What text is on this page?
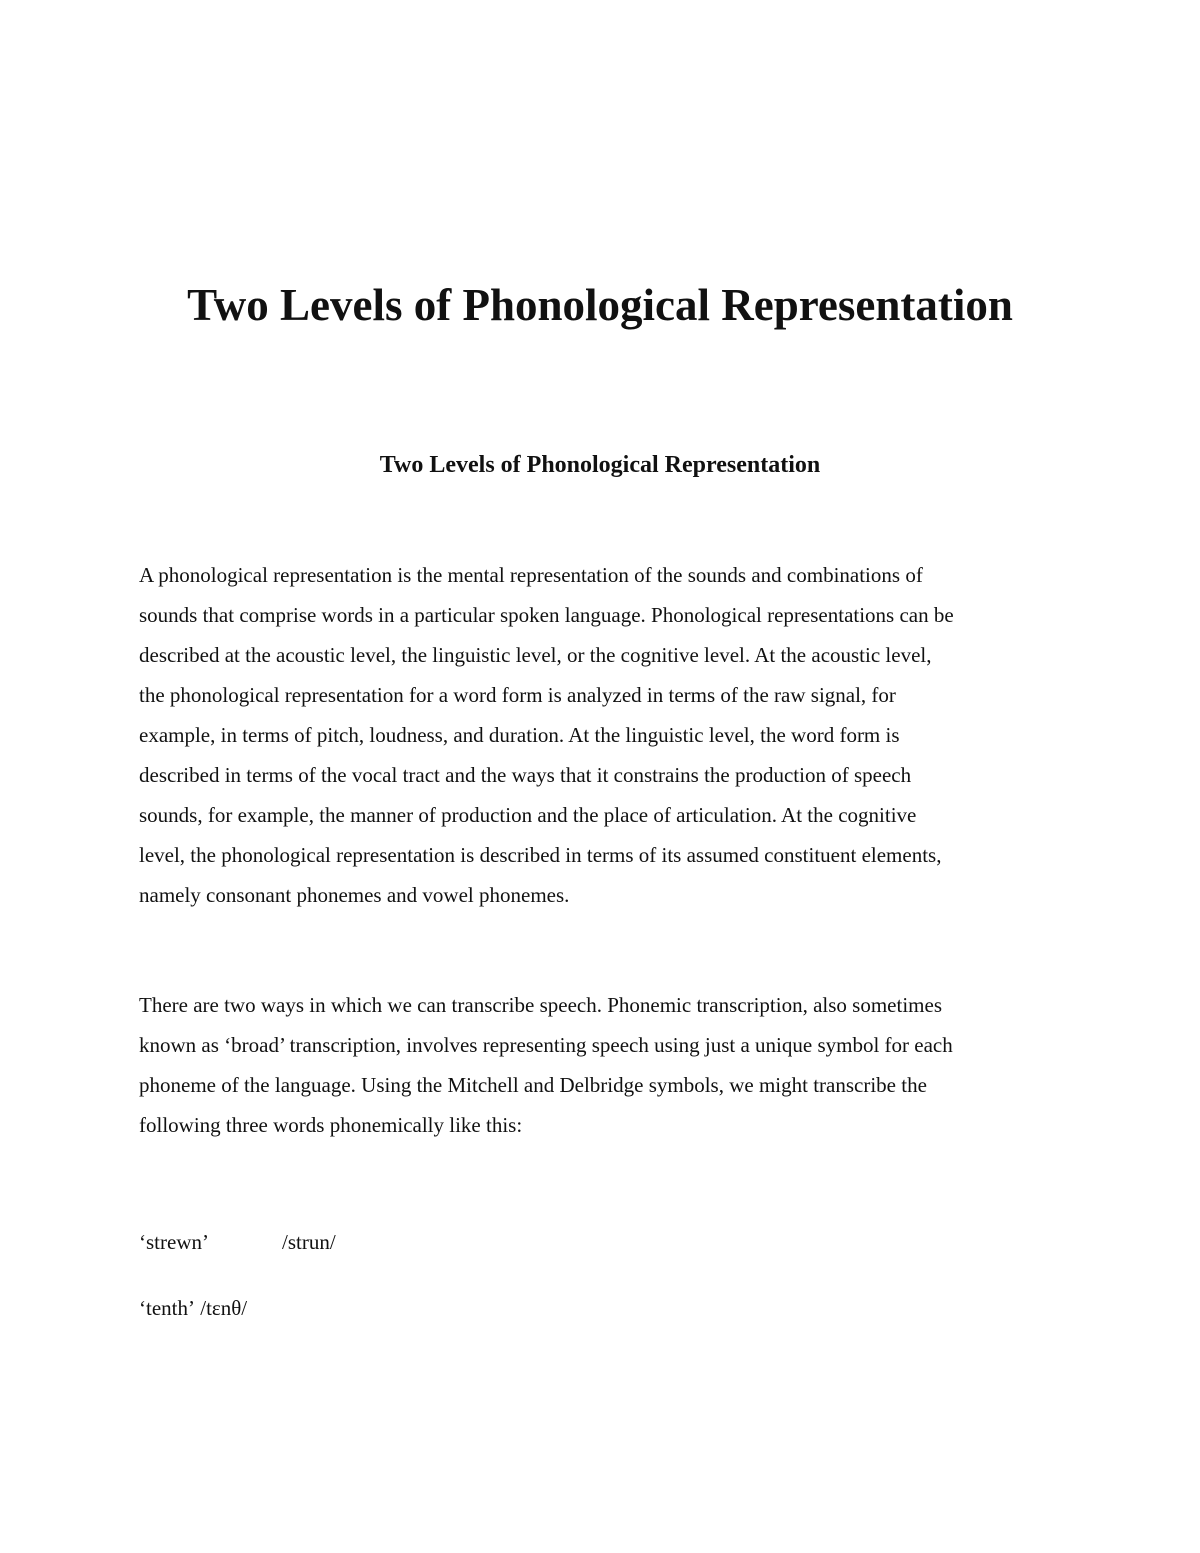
Two Levels of Phonological Representation
Two Levels of Phonological Representation

A phonological representation is the mental representation of the sounds and combinations of
sounds that comprise words in a particular spoken language. Phonological representations can be
described at the acoustic level, the linguistic level, or the cognitive level. At the acoustic level,
the phonological representation for a word form is analyzed in terms of the raw signal, for
example, in terms of pitch, loudness, and duration. At the linguistic level, the word form is
described in terms of the vocal tract and the ways that it constrains the production of speech
sounds, for example, the manner of production and the place of articulation. At the cognitive
level, the phonological representation is described in terms of its assumed constituent elements,
namely consonant phonemes and vowel phonemes.

There are two ways in which we can transcribe speech. Phonemic transcription, also sometimes
known as ‘broad’ transcription, involves representing speech using just a unique symbol for each
phoneme of the language. Using the Mitchell and Delbridge symbols, we might transcribe the
following three words phonemically like this:

‘strewn’	/strun/

‘tenth’ /tɛnθ/
